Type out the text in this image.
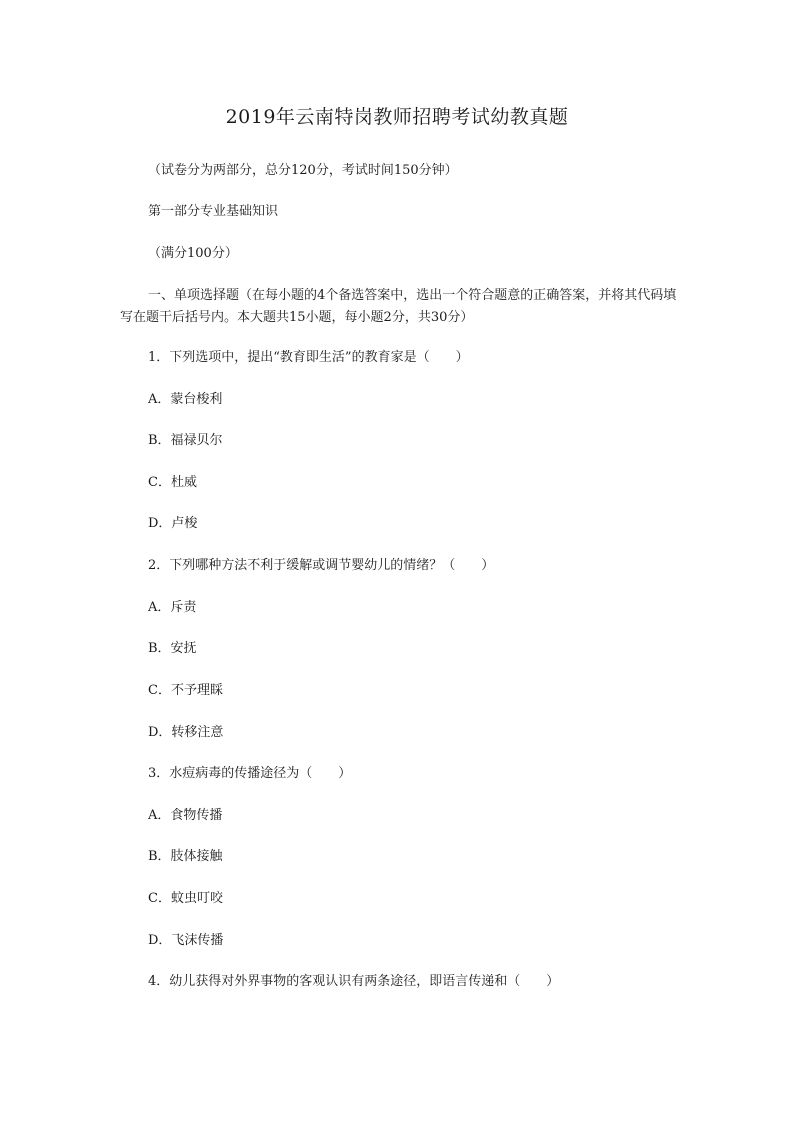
2019年云南特岗教师招聘考试幼教真题
（试卷分为两部分，总分120分，考试时间150分钟）
第一部分专业基础知识
（满分100分）
一、单项选择题（在每小题的4个备选答案中，选出一个符合题意的正确答案，并将其代码填写在题干后括号内。本大题共15小题，每小题2分，共30分）
1．下列选项中，提出“教育即生活”的教育家是（　　）
A．蒙台梭利
B．福禄贝尔
C．杜威
D．卢梭
2．下列哪种方法不利于缓解或调节婴幼儿的情绪？（　　）
A．斥责
B．安抚
C．不予理睬
D．转移注意
3．水痘病毒的传播途径为（　　）
A．食物传播
B．肢体接触
C．蚊虫叮咬
D．飞沫传播
4．幼儿获得对外界事物的客观认识有两条途径，即语言传递和（　　）
